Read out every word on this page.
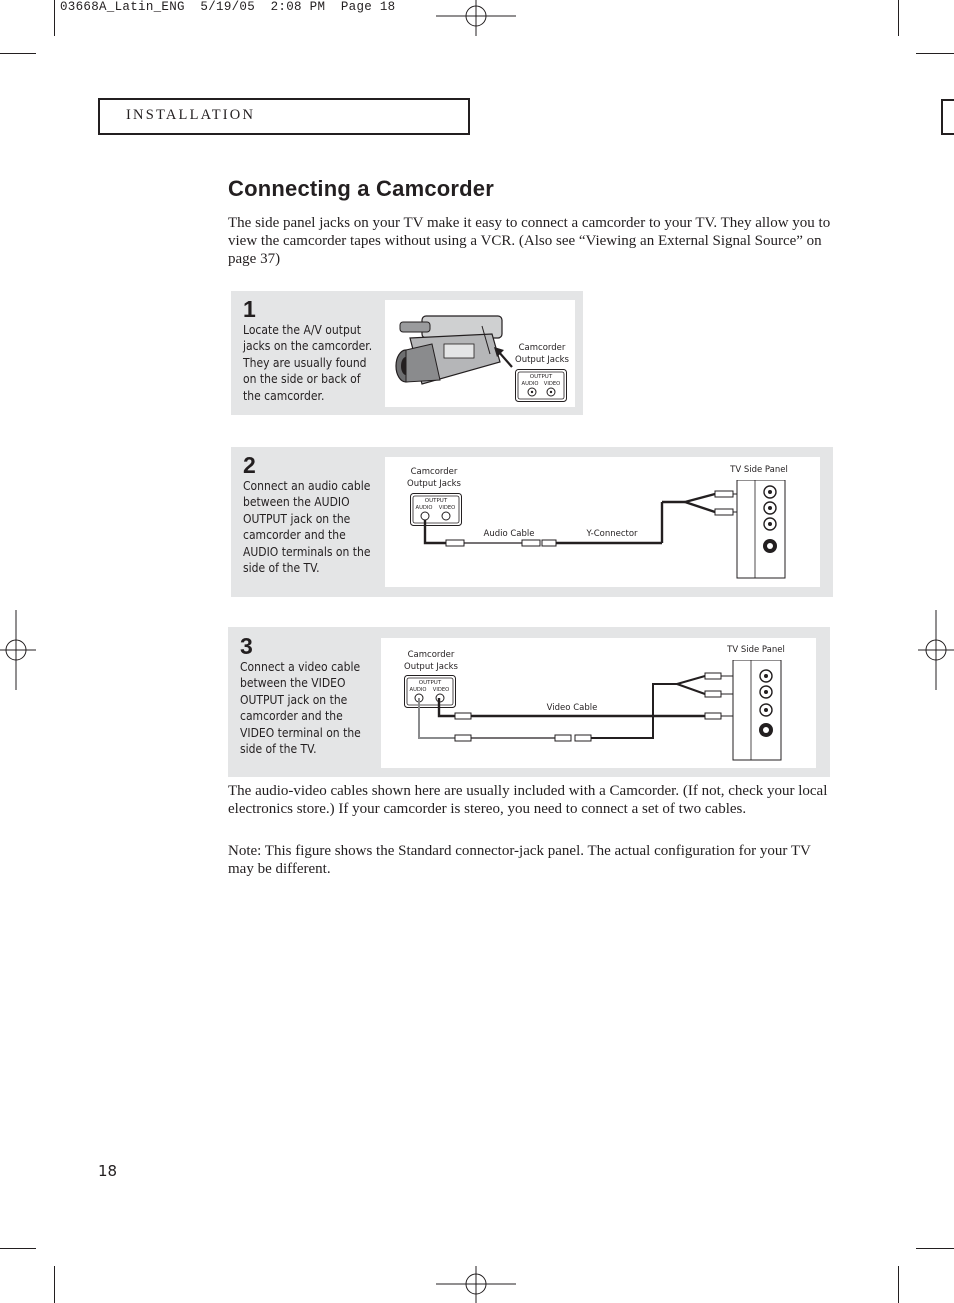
03668A_Latin_ENG  5/19/05  2:08 PM  Page 18
INSTALLATION
Connecting a Camcorder
The side panel jacks on your TV make it easy to connect a camcorder to your TV. They allow you to view the camcorder tapes without using a VCR. (Also see “Viewing an External Signal Source” on page 37)
1
Locate the A/V output jacks on the camcorder. They are usually found on the side or back of the camcorder.
Camcorder Output Jacks
OUTPUT
AUDIO VIDEO
2
Connect an audio cable between the AUDIO OUTPUT jack on the camcorder and the AUDIO terminals on the side of the TV.
Camcorder Output Jacks
TV Side Panel
Audio Cable	Y-Connector
OUTPUT
AUDIO VIDEO
3
Connect a video cable between the VIDEO OUTPUT jack on the camcorder and the VIDEO terminal on the side of the TV.
Camcorder Output Jacks
TV Side Panel
Video Cable
OUTPUT
AUDIO VIDEO
The audio-video cables shown here are usually included with a Camcorder. (If not, check your local electronics store.) If your camcorder is stereo, you need to connect a set of two cables.
Note: This figure shows the Standard connector-jack panel. The actual configuration for your TV may be different.
18
